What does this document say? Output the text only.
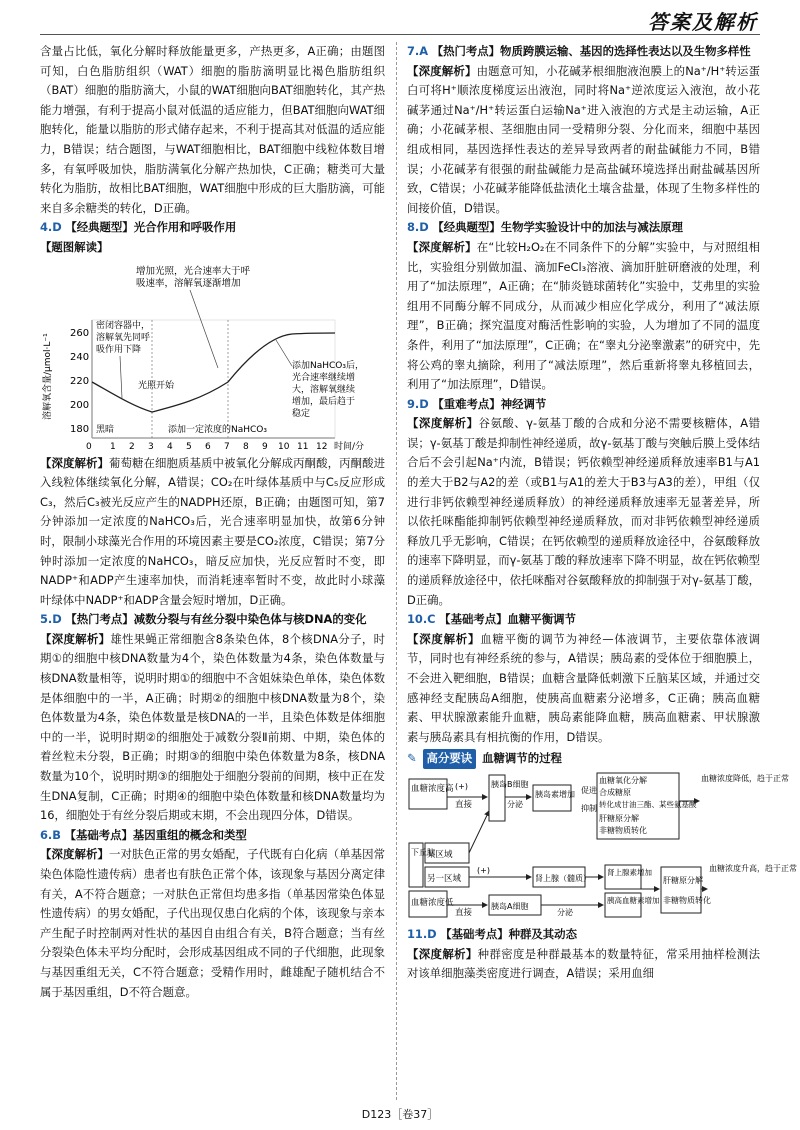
答案及解析

含量占比低，氧化分解时释放能量更多，产热更多，A正确；由题图可知，白色脂肪组织（WAT）细胞的脂肪滴明显比褐色脂肪组织（BAT）细胞的脂肪滴大，小鼠的WAT细胞向BAT细胞转化，其产热能力增强，有利于提高小鼠对低温的适应能力，但BAT细胞向WAT细胞转化，能量以脂肪的形式储存起来，不利于提高其对低温的适应能力，B错误；结合题图，与WAT细胞相比，BAT细胞中线粒体数目增多，有氧呼吸加快，脂肪满氧化分解产热加快，C正确；糖类可大量转化为脂肪，故相比BAT细胞，WAT细胞中形成的巨大脂肪滴，可能来自多余糖类的转化，D正确。

4.D 【经典题型】光合作用和呼吸作用

【题图解读】

260
240
220
200
180
溶解氧含量/μmol·L⁻¹
0 1 2 3 4 5 6 7 8 9 10 11 12 时间/分
增加光照，光合速率大于呼
吸速率，溶解氧逐渐增加
密闭容器中，
溶解氧先同呼
吸作用下降
光照开始
添加NaHCO₃后，
光合速率继续增
大，溶解氧继续
增加，最后趋于
稳定
黑暗	添加一定浓度的NaHCO₃

【深度解析】葡萄糖在细胞质基质中被氧化分解成丙酮酸，丙酮酸进入线粒体继续氧化分解，A错误；CO₂在叶绿体基质中与C₅反应形成C₃，然后C₃被光反应产生的NADPH还原，B正确；由题图可知，第7分钟添加一定浓度的NaHCO₃后，光合速率明显加快，故第6分钟时，限制小球藻光合作用的环境因素主要是CO₂浓度，C错误；第7分钟时添加一定浓度的NaHCO₃，暗反应加快，光反应暂时不变，即NADP⁺和ADP产生速率加快，而消耗速率暂时不变，故此时小球藻叶绿体中NADP⁺和ADP含量会短时增加，D正确。

5.D 【热门考点】减数分裂与有丝分裂中染色体与核DNA的变化

【深度解析】雄性果蝇正常细胞含8条染色体，8个核DNA分子，时期①的细胞中核DNA数量为4个，染色体数量为4条，染色体数量与核DNA数量相等，说明时期①的细胞中不含姐妹染色单体，染色体数是体细胞中的一半，A正确；时期②的细胞中核DNA数量为8个，染色体数量为4条，染色体数量是核DNA的一半，且染色体数是体细胞中的一半，说明时期②的细胞处于减数分裂Ⅱ前期、中期，染色体的着丝粒未分裂，B正确；时期③的细胞中染色体数量为8条，核DNA数量为10个，说明时期③的细胞处于细胞分裂前的间期，核中正在发生DNA复制，C正确；时期④的细胞中染色体数量和核DNA数量均为16，细胞处于有丝分裂后期或末期，不会出现四分体，D错误。

6.B 【基础考点】基因重组的概念和类型

【深度解析】一对肤色正常的男女婚配，子代既有白化病（单基因常染色体隐性遗传病）患者也有肤色正常个体，该现象与基因分离定律有关，A不符合题意；一对肤色正常但均患多指（单基因常染色体显性遗传病）的男女婚配，子代出现仅患白化病的个体，该现象与亲本产生配子时控制两对性状的基因自由组合有关，B符合题意；当有丝分裂染色体未平均分配时，会形成基因组成不同的子代细胞，此现象与基因重组无关，C不符合题意；受精作用时，雌雄配子随机结合不属于基因重组，D不符合题意。

7.A 【热门考点】物质跨膜运输、基因的选择性表达以及生物多样性

【深度解析】由题意可知，小花碱茅根细胞液泡膜上的Na⁺/H⁺转运蛋白可将H⁺顺浓度梯度运出液泡，同时将Na⁺逆浓度运入液泡，故小花碱茅通过Na⁺/H⁺转运蛋白运输Na⁺进入液泡的方式是主动运输，A正确；小花碱茅根、茎细胞由同一受精卵分裂、分化而来，细胞中基因组成相同，基因选择性表达的差异导致两者的耐盐碱能力不同，B错误；小花碱茅有很强的耐盐碱能力是高盐碱环境选择出耐盐碱基因所致，C错误；小花碱茅能降低盐渍化土壤含盐量，体现了生物多样性的间接价值，D错误。

8.D 【经典题型】生物学实验设计中的加法与减法原理

【深度解析】在“比较H₂O₂在不同条件下的分解”实验中，与对照组相比，实验组分别做加温、滴加FeCl₃溶液、滴加肝脏研磨液的处理，利用了“加法原理”，A正确；在“肺炎链球菌转化”实验中，艾弗里的实验组用不同酶分解不同成分，从而减少相应化学成分，利用了“减法原理”，B正确；探究温度对酶活性影响的实验，人为增加了不同的温度条件，利用了“加法原理”，C正确；在“睾丸分泌睾激素”的研究中，先将公鸡的睾丸摘除，利用了“减法原理”，然后重新将睾丸移植回去，利用了“加法原理”，D错误。

9.D 【重难考点】神经调节

【深度解析】谷氨酸、γ-氨基丁酸的合成和分泌不需要核糖体，A错误；γ-氨基丁酸是抑制性神经递质，故γ-氨基丁酸与突触后膜上受体结合后不会引起Na⁺内流，B错误；钙依赖型神经递质释放速率B1与A1的差大于B2与A2的差（或B1与A1的差大于B3与A3的差），甲组（仅进行非钙依赖型神经递质释放）的神经递质释放速率无显著差异，所以依托咪酯能抑制钙依赖型神经递质释放，而对非钙依赖型神经递质释放几乎无影响，C错误；在钙依赖型的递质释放途径中，谷氨酸释放的速率下降明显，而γ-氨基丁酸的释放速率下降不明显，故在钙依赖型的递质释放途径中，依托咪酯对谷氨酸释放的抑制强于对γ-氨基丁酸，D正确。

10.C 【基础考点】血糖平衡调节

【深度解析】血糖平衡的调节为神经—体液调节，主要依靠体液调节，同时也有神经系统的参与，A错误；胰岛素的受体位于细胞膜上，不会进入靶细胞，B错误；血糖含量降低刺激下丘脑某区域，并通过交感神经支配胰岛A细胞，使胰高血糖素分泌增多，C正确；胰高血糖素、甲状腺激素能升血糖，胰岛素能降血糖，胰高血糖素、甲状腺激素与胰岛素具有相抗衡的作用，D错误。

✎ 高分要诀 血糖调节的过程
血糖浓度高 (+)
直接
胰岛B细胞
分泌
胰岛素增加 促进
抑制
血糖氧化分解
合成糖原
转化成甘油三酯、某些氨基酸
肝糖原分解
非糖物质转化
血糖浓度降低，趋于正常
下丘脑
某区域
另一区域
(+)
肾上腺（髓质）
肾上腺素增加
血糖浓度低
直接
胰岛A细胞
分泌
胰高血糖素增加
肝糖原分解
非糖物质转化
血糖浓度升高，趋于正常

11.D 【基础考点】种群及其动态

【深度解析】种群密度是种群最基本的数量特征，常采用抽样检测法对该单细胞藻类密度进行调查，A错误；采用血细

D123［卷37］
